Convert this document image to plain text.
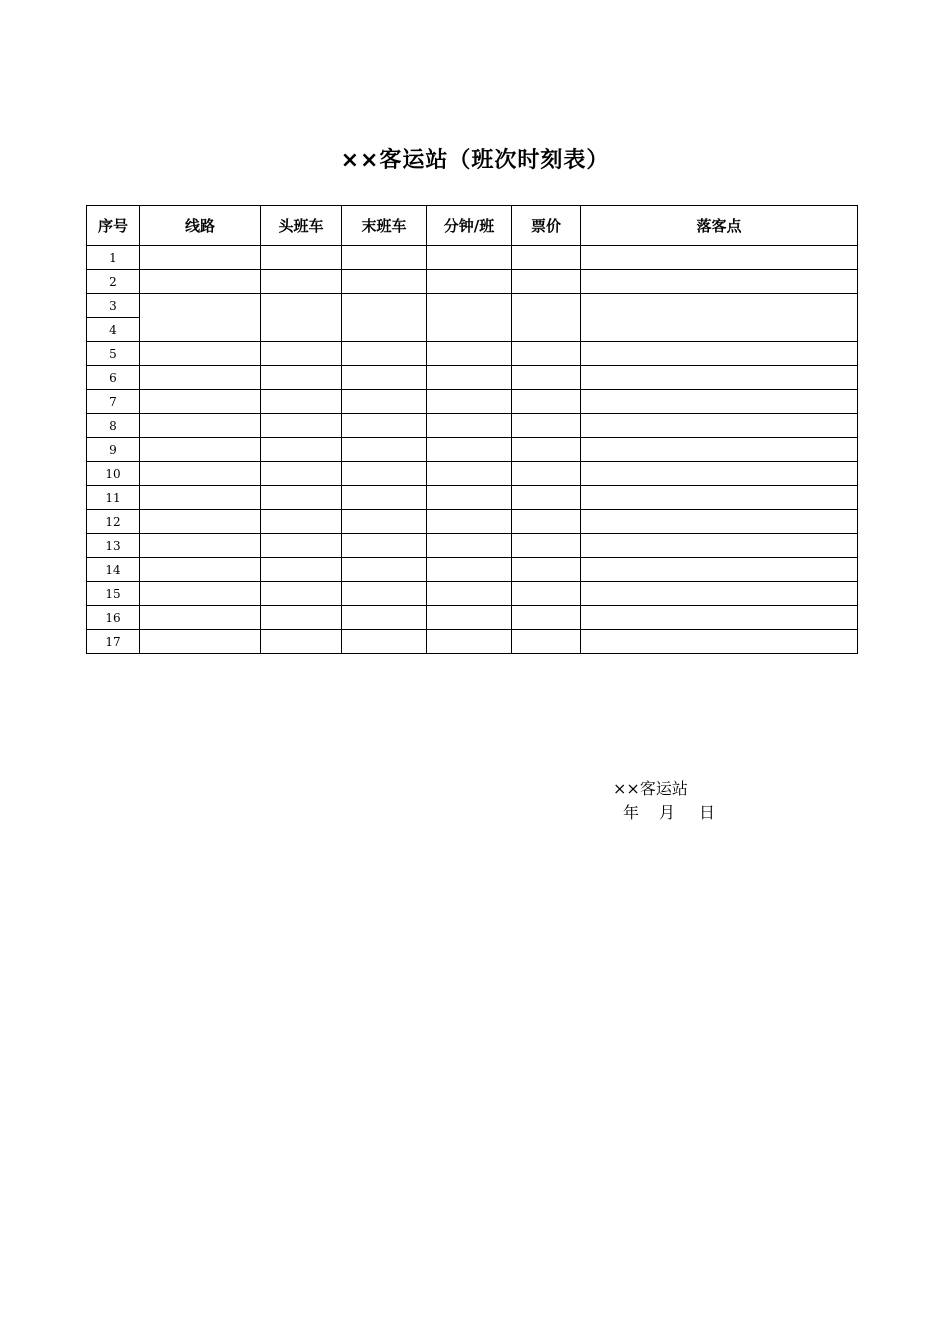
××客运站（班次时刻表）
序号	线路	头班车	末班车	分钟/班	票价	落客点
1						
2						
3						
4						
5						
6						
7						
8						
9						
10						
11						
12						
13						
14						
15						
16						
17						
××客运站
年 月 日
